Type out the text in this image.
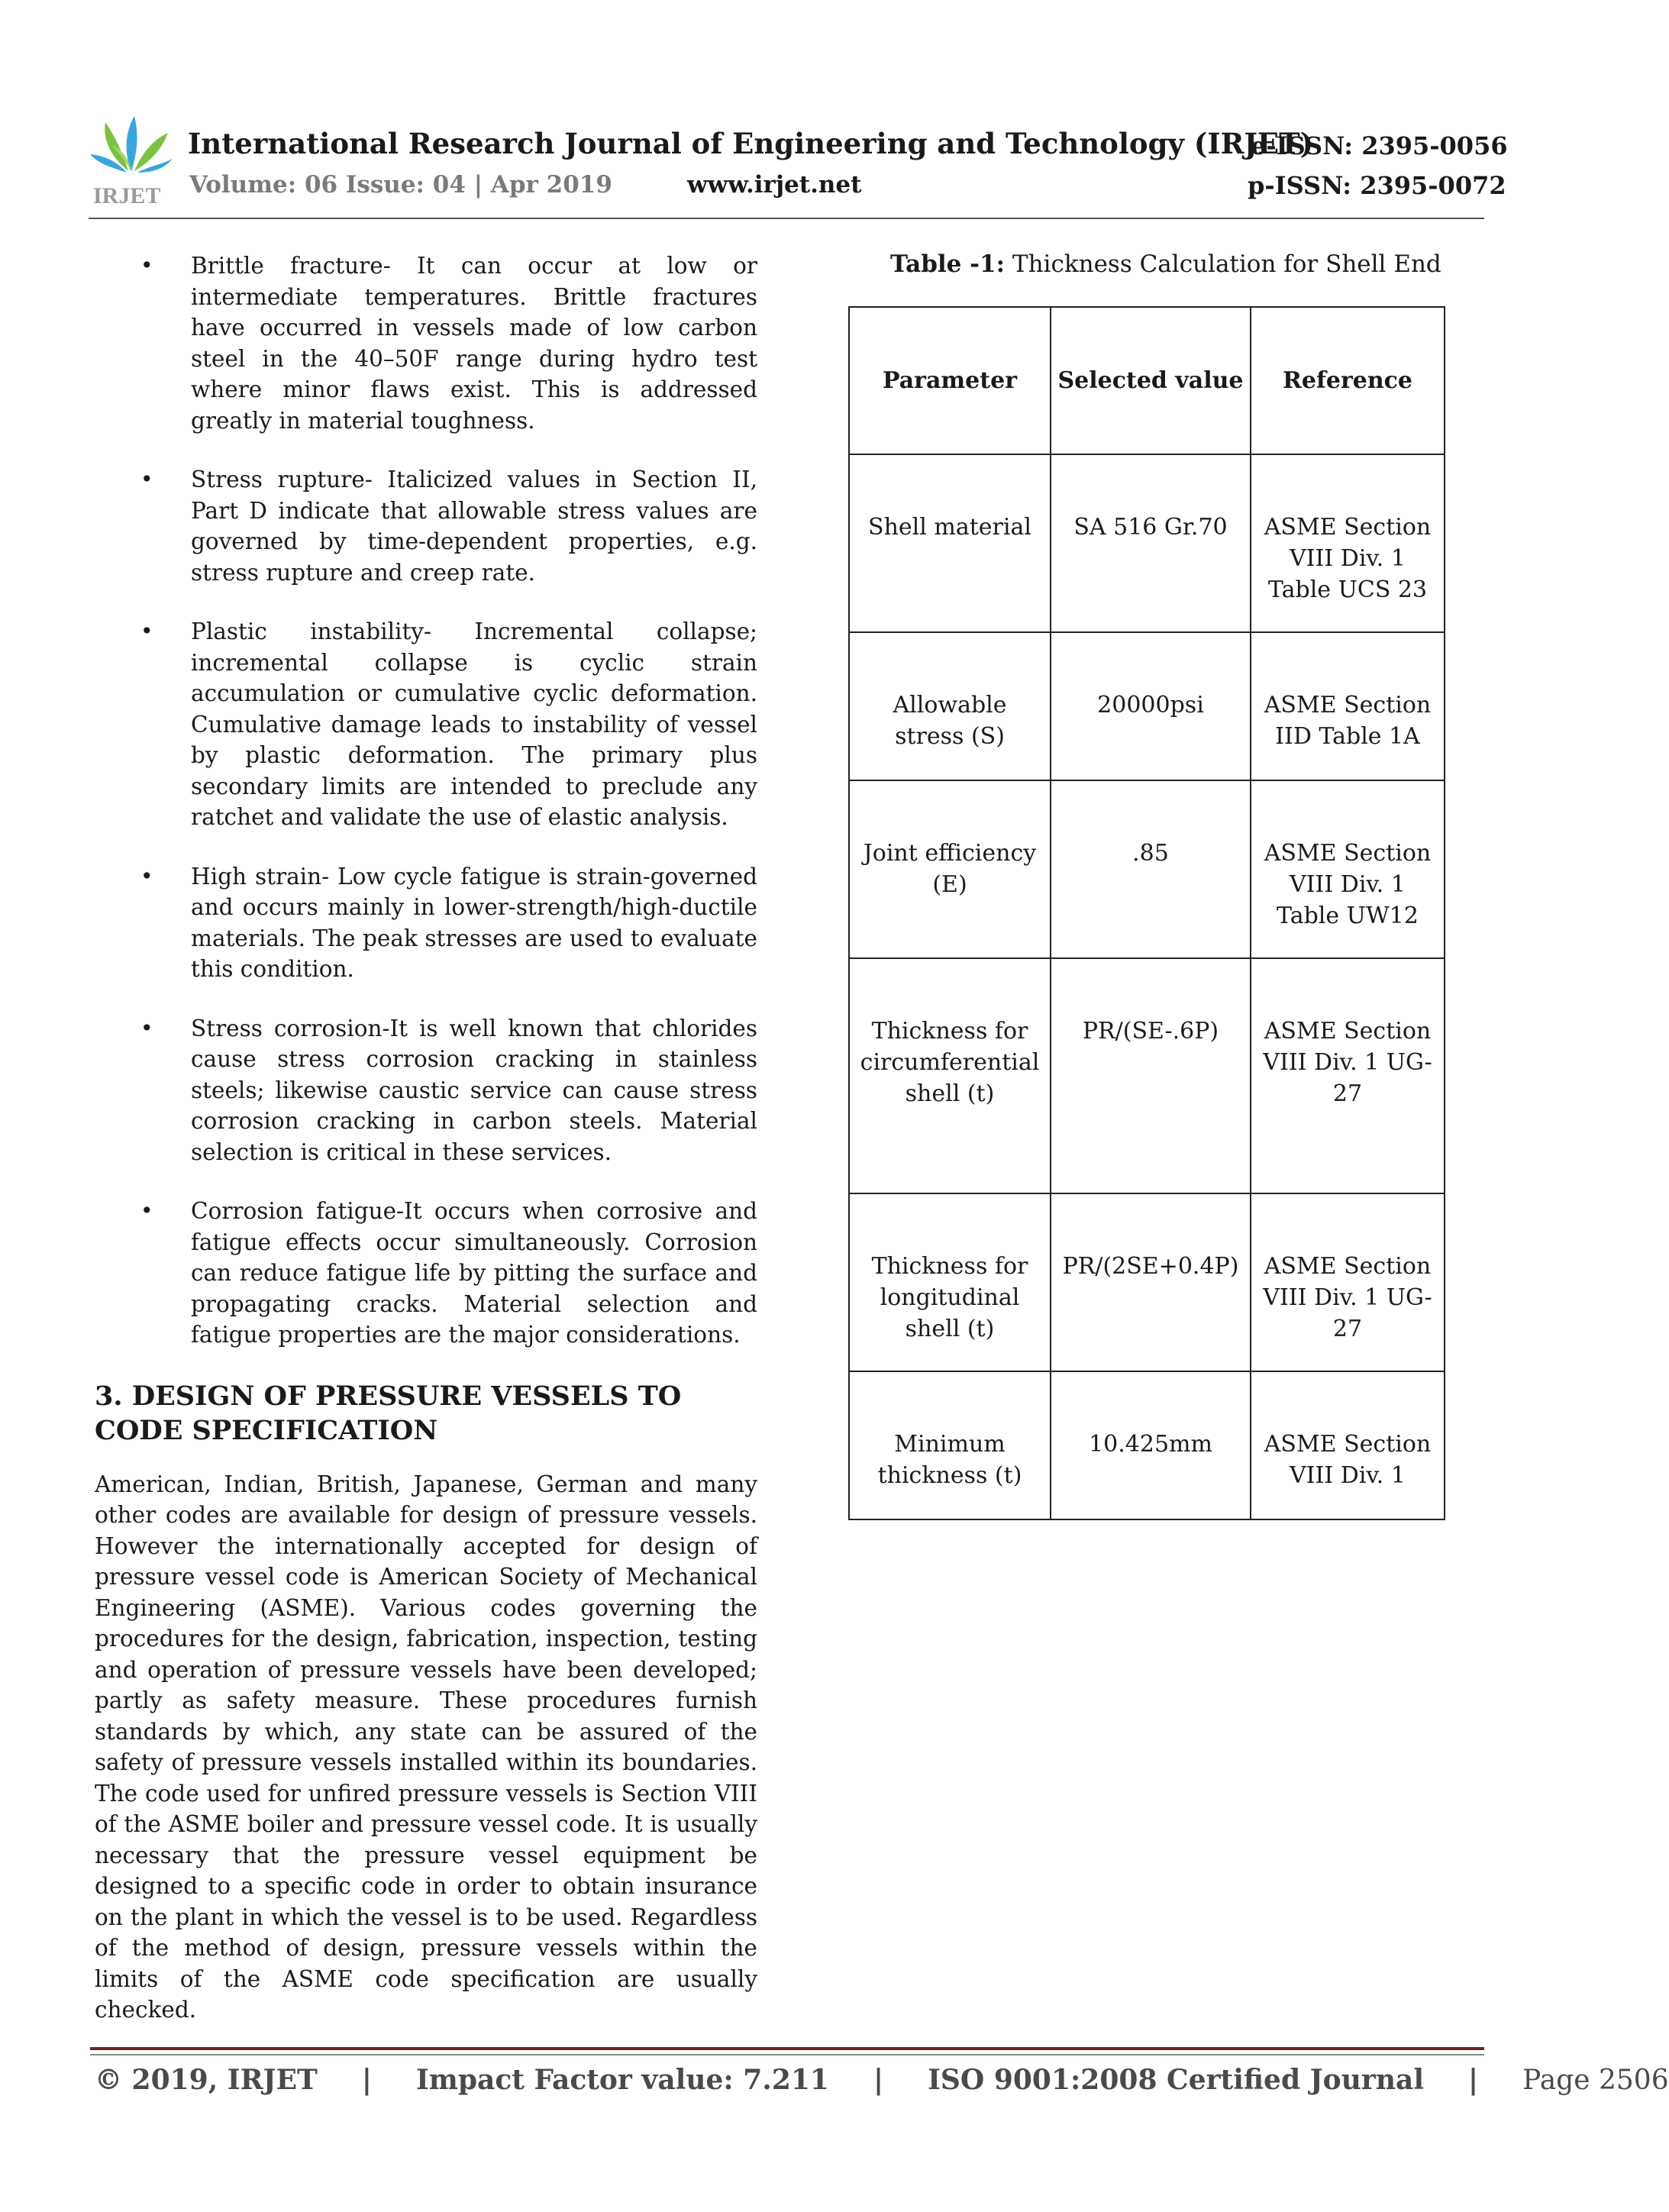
IRJET
International Research Journal of Engineering and Technology (IRJET)
e-ISSN: 2395-0056
Volume: 06 Issue: 04 | Apr 2019	www.irjet.net	p-ISSN: 2395-0072
• Brittle fracture- It can occur at low or intermediate temperatures. Brittle fractures have occurred in vessels made of low carbon steel in the 40–50F range during hydro test where minor flaws exist. This is addressed greatly in material toughness.

• Stress rupture- Italicized values in Section II, Part D indicate that allowable stress values are governed by time-dependent properties, e.g. stress rupture and creep rate.

• Plastic instability- Incremental collapse; incremental collapse is cyclic strain accumulation or cumulative cyclic deformation. Cumulative damage leads to instability of vessel by plastic deformation. The primary plus secondary limits are intended to preclude any ratchet and validate the use of elastic analysis.

• High strain- Low cycle fatigue is strain-governed and occurs mainly in lower-strength/high-ductile materials. The peak stresses are used to evaluate this condition.

• Stress corrosion-It is well known that chlorides cause stress corrosion cracking in stainless steels; likewise caustic service can cause stress corrosion cracking in carbon steels. Material selection is critical in these services.

• Corrosion fatigue-It occurs when corrosive and fatigue effects occur simultaneously. Corrosion can reduce fatigue life by pitting the surface and propagating cracks. Material selection and fatigue properties are the major considerations.

3. DESIGN OF PRESSURE VESSELS TO CODE SPECIFICATION

American, Indian, British, Japanese, German and many other codes are available for design of pressure vessels. However the internationally accepted for design of pressure vessel code is American Society of Mechanical Engineering (ASME). Various codes governing the procedures for the design, fabrication, inspection, testing and operation of pressure vessels have been developed; partly as safety measure. These procedures furnish standards by which, any state can be assured of the safety of pressure vessels installed within its boundaries. The code used for unfired pressure vessels is Section VIII of the ASME boiler and pressure vessel code. It is usually necessary that the pressure vessel equipment be designed to a specific code in order to obtain insurance on the plant in which the vessel is to be used. Regardless of the method of design, pressure vessels within the limits of the ASME code specification are usually checked.

Table -1: Thickness Calculation for Shell End
Parameter	Selected value	Reference
Shell material	SA 516 Gr.70	ASME Section VIII Div. 1 Table UCS 23
Allowable stress (S)	20000psi	ASME Section IID Table 1A
Joint efficiency (E)	.85	ASME Section VIII Div. 1 Table UW12
Thickness for circumferential shell (t)	PR/(SE-.6P)	ASME Section VIII Div. 1 UG-27
Thickness for longitudinal shell (t)	PR/(2SE+0.4P)	ASME Section VIII Div. 1 UG-27
Minimum thickness (t)	10.425mm	ASME Section VIII Div. 1
© 2019, IRJET | Impact Factor value: 7.211 | ISO 9001:2008 Certified Journal | Page 2506
